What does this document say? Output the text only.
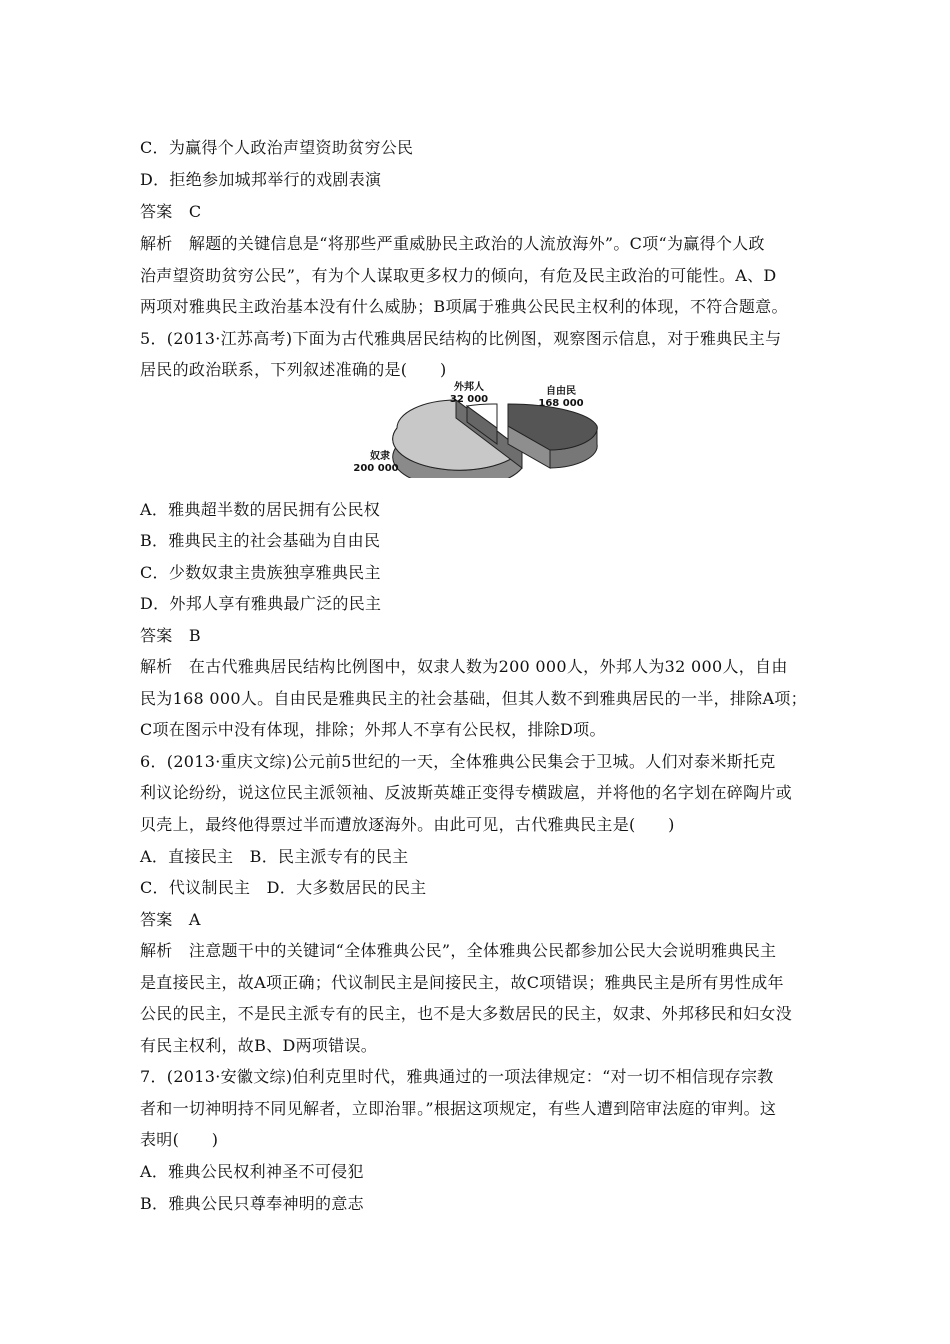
C．为赢得个人政治声望资助贫穷公民
D．拒绝参加城邦举行的戏剧表演
答案　C
解析　解题的关键信息是“将那些严重威胁民主政治的人流放海外”。C项“为赢得个人政
治声望资助贫穷公民”，有为个人谋取更多权力的倾向，有危及民主政治的可能性。A、D
两项对雅典民主政治基本没有什么威胁；B项属于雅典公民民主权利的体现，不符合题意。
5．(2013·江苏高考)下面为古代雅典居民结构的比例图，观察图示信息，对于雅典民主与
居民的政治联系，下列叙述准确的是(　　)
外邦人
32 000
自由民
168 000
奴隶
200 000
A．雅典超半数的居民拥有公民权
B．雅典民主的社会基础为自由民
C．少数奴隶主贵族独享雅典民主
D．外邦人享有雅典最广泛的民主
答案　B
解析　在古代雅典居民结构比例图中，奴隶人数为200 000人，外邦人为32 000人，自由
民为168 000人。自由民是雅典民主的社会基础，但其人数不到雅典居民的一半，排除A项；
C项在图示中没有体现，排除；外邦人不享有公民权，排除D项。
6．(2013·重庆文综)公元前5世纪的一天，全体雅典公民集会于卫城。人们对泰米斯托克
利议论纷纷，说这位民主派领袖、反波斯英雄正变得专横跋扈，并将他的名字划在碎陶片或
贝壳上，最终他得票过半而遭放逐海外。由此可见，古代雅典民主是(　　)
A．直接民主　B．民主派专有的民主
C．代议制民主　D．大多数居民的民主
答案　A
解析　注意题干中的关键词“全体雅典公民”，全体雅典公民都参加公民大会说明雅典民主
是直接民主，故A项正确；代议制民主是间接民主，故C项错误；雅典民主是所有男性成年
公民的民主，不是民主派专有的民主，也不是大多数居民的民主，奴隶、外邦移民和妇女没
有民主权利，故B、D两项错误。
7．(2013·安徽文综)伯利克里时代，雅典通过的一项法律规定：“对一切不相信现存宗教
者和一切神明持不同见解者，立即治罪。”根据这项规定，有些人遭到陪审法庭的审判。这
表明(　　)
A．雅典公民权利神圣不可侵犯
B．雅典公民只尊奉神明的意志
